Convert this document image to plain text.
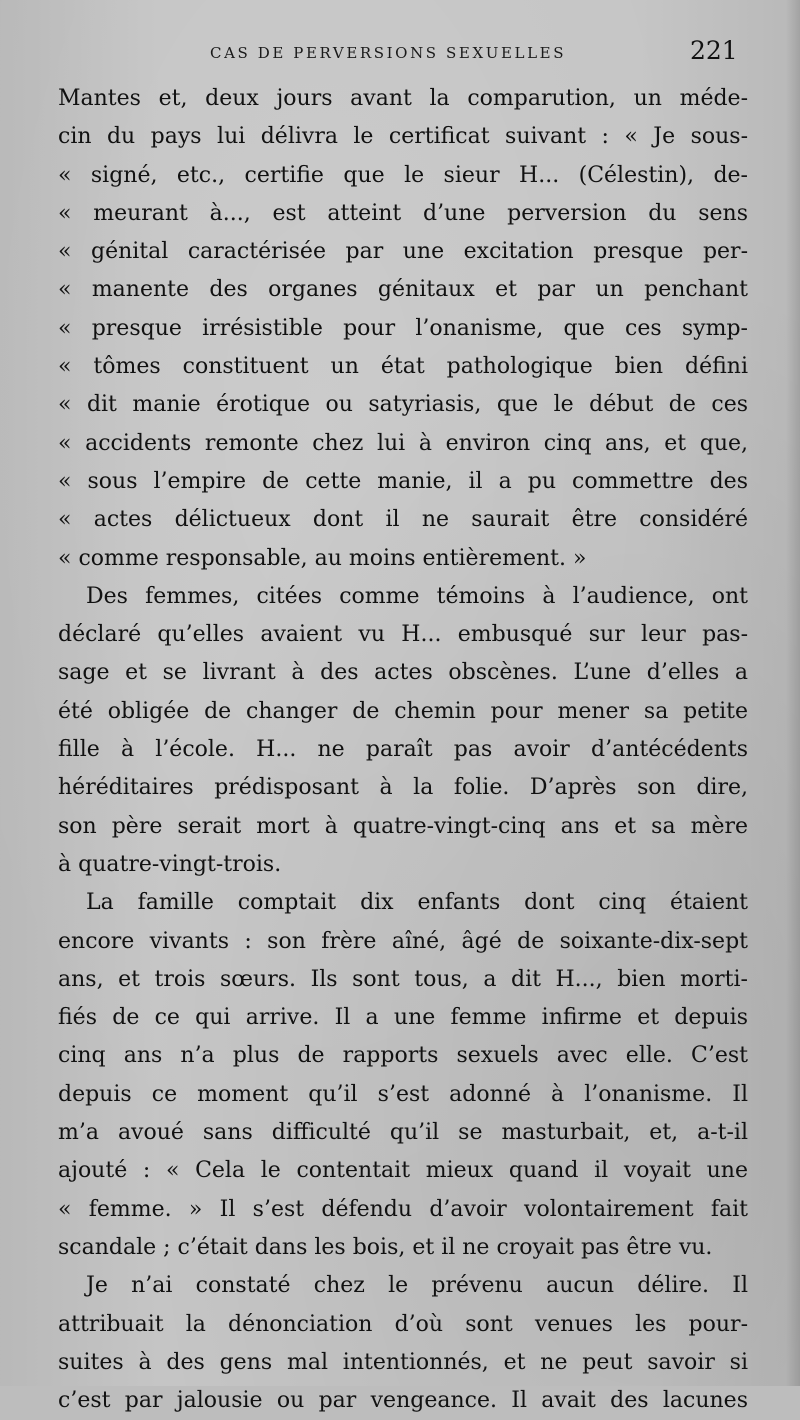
CAS DE PERVERSIONS SEXUELLES	221
Mantes et, deux jours avant la comparution, un méde-
cin du pays lui délivra le certificat suivant : « Je sous-
« signé, etc., certifie que le sieur H... (Célestin), de-
« meurant à..., est atteint d’une perversion du sens
« génital caractérisée par une excitation presque per-
« manente des organes génitaux et par un penchant
« presque irrésistible pour l’onanisme, que ces symp-
« tômes constituent un état pathologique bien défini
« dit manie érotique ou satyriasis, que le début de ces
« accidents remonte chez lui à environ cinq ans, et que,
« sous l’empire de cette manie, il a pu commettre des
« actes délictueux dont il ne saurait être considéré
« comme responsable, au moins entièrement. »
Des femmes, citées comme témoins à l’audience, ont
déclaré qu’elles avaient vu H... embusqué sur leur pas-
sage et se livrant à des actes obscènes. L’une d’elles a
été obligée de changer de chemin pour mener sa petite
fille à l’école. H... ne paraît pas avoir d’antécédents
héréditaires prédisposant à la folie. D’après son dire,
son père serait mort à quatre-vingt-cinq ans et sa mère
à quatre-vingt-trois.
La famille comptait dix enfants dont cinq étaient
encore vivants : son frère aîné, âgé de soixante-dix-sept
ans, et trois sœurs. Ils sont tous, a dit H..., bien morti-
fiés de ce qui arrive. Il a une femme infirme et depuis
cinq ans n’a plus de rapports sexuels avec elle. C’est
depuis ce moment qu’il s’est adonné à l’onanisme. Il
m’a avoué sans difficulté qu’il se masturbait, et, a-t-il
ajouté : « Cela le contentait mieux quand il voyait une
« femme. » Il s’est défendu d’avoir volontairement fait
scandale ; c’était dans les bois, et il ne croyait pas être vu.
Je n’ai constaté chez le prévenu aucun délire. Il
attribuait la dénonciation d’où sont venues les pour-
suites à des gens mal intentionnés, et ne peut savoir si
c’est par jalousie ou par vengeance. Il avait des lacunes
